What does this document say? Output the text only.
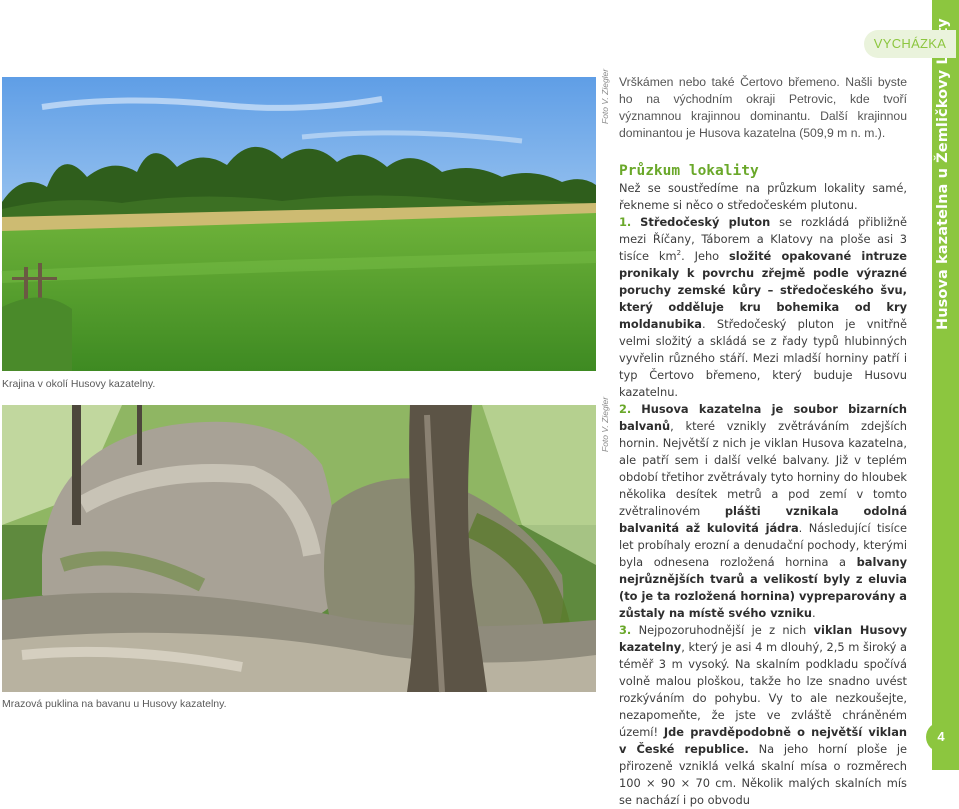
VYCHÁZKA
4
Foto V. Ziegler
Krajina v okolí Husovy kazatelny.
Foto V. Ziegler
Mrazová puklina na bavanu u Husovy kazatelny.

Vrškámen nebo také Čertovo břemeno. Našli byste ho na východním okraji Petrovic, kde tvoří významnou krajinnou dominantu. Další krajinnou dominantou je Husova kazatelna (509,9 m n. m.).

Průzkum lokality

Než se soustředíme na průzkum lokality samé, řekneme si něco o středočeském plutonu.

1. Středočeský pluton se rozkládá přibližně mezi Říčany, Táborem a Klatovy na ploše asi 3 tisíce $km^2$. Jeho složité opakované intruze pronikaly k povrchu zřejmě podle výrazné poruchy zemské kůry – středočeského švu, který odděluje kru bohemika od kry moldanubika. Středočeský pluton je vnitřně velmi složitý a skládá se z řady typů hlubinných vyvřelin různého stáří. Mezi mladší horniny patří i typ Čertovo břemeno, který buduje Husovu kazatelnu.

2. Husova kazatelna je soubor bizarních balvanů, které vznikly zvětráváním zdejších hornin. Největší z nich je viklan Husova kazatelna, ale patří sem i další velké balvany. Již v teplém období třetihor zvětrávaly tyto horniny do hloubek několika desítek metrů a pod zemí v tomto zvětralinovém plášti vznikala odolná balvanitá až kulovitá jádra. Následující tisíce let probíhaly erozní a denudační pochody, kterými byla odnesena rozložená hornina a balvany nejrůznějších tvarů a velikostí byly z eluvia (to je ta rozložená hornina) vypreparovány a zůstaly na místě svého vzniku.

3. Nejpozoruhodnější je z nich viklan Husovy kazatelny, který je asi 4 m dlouhý, 2,5 m široký a téměř 3 m vysoký. Na skalním podkladu spočívá volně malou ploškou, takže ho lze snadno uvést rozkýváním do pohybu. Vy to ale nezkoušejte, nezapomeňte, že jste ve zvláště chráněném území! Jde pravděpodobně o největší viklan v České republice. Na jeho horní ploše je přirozeně vzniklá velká skalní mísa o rozměrech 100 × 90 × 70 cm. Několik malých skalních mís se nachází i po obvodu
